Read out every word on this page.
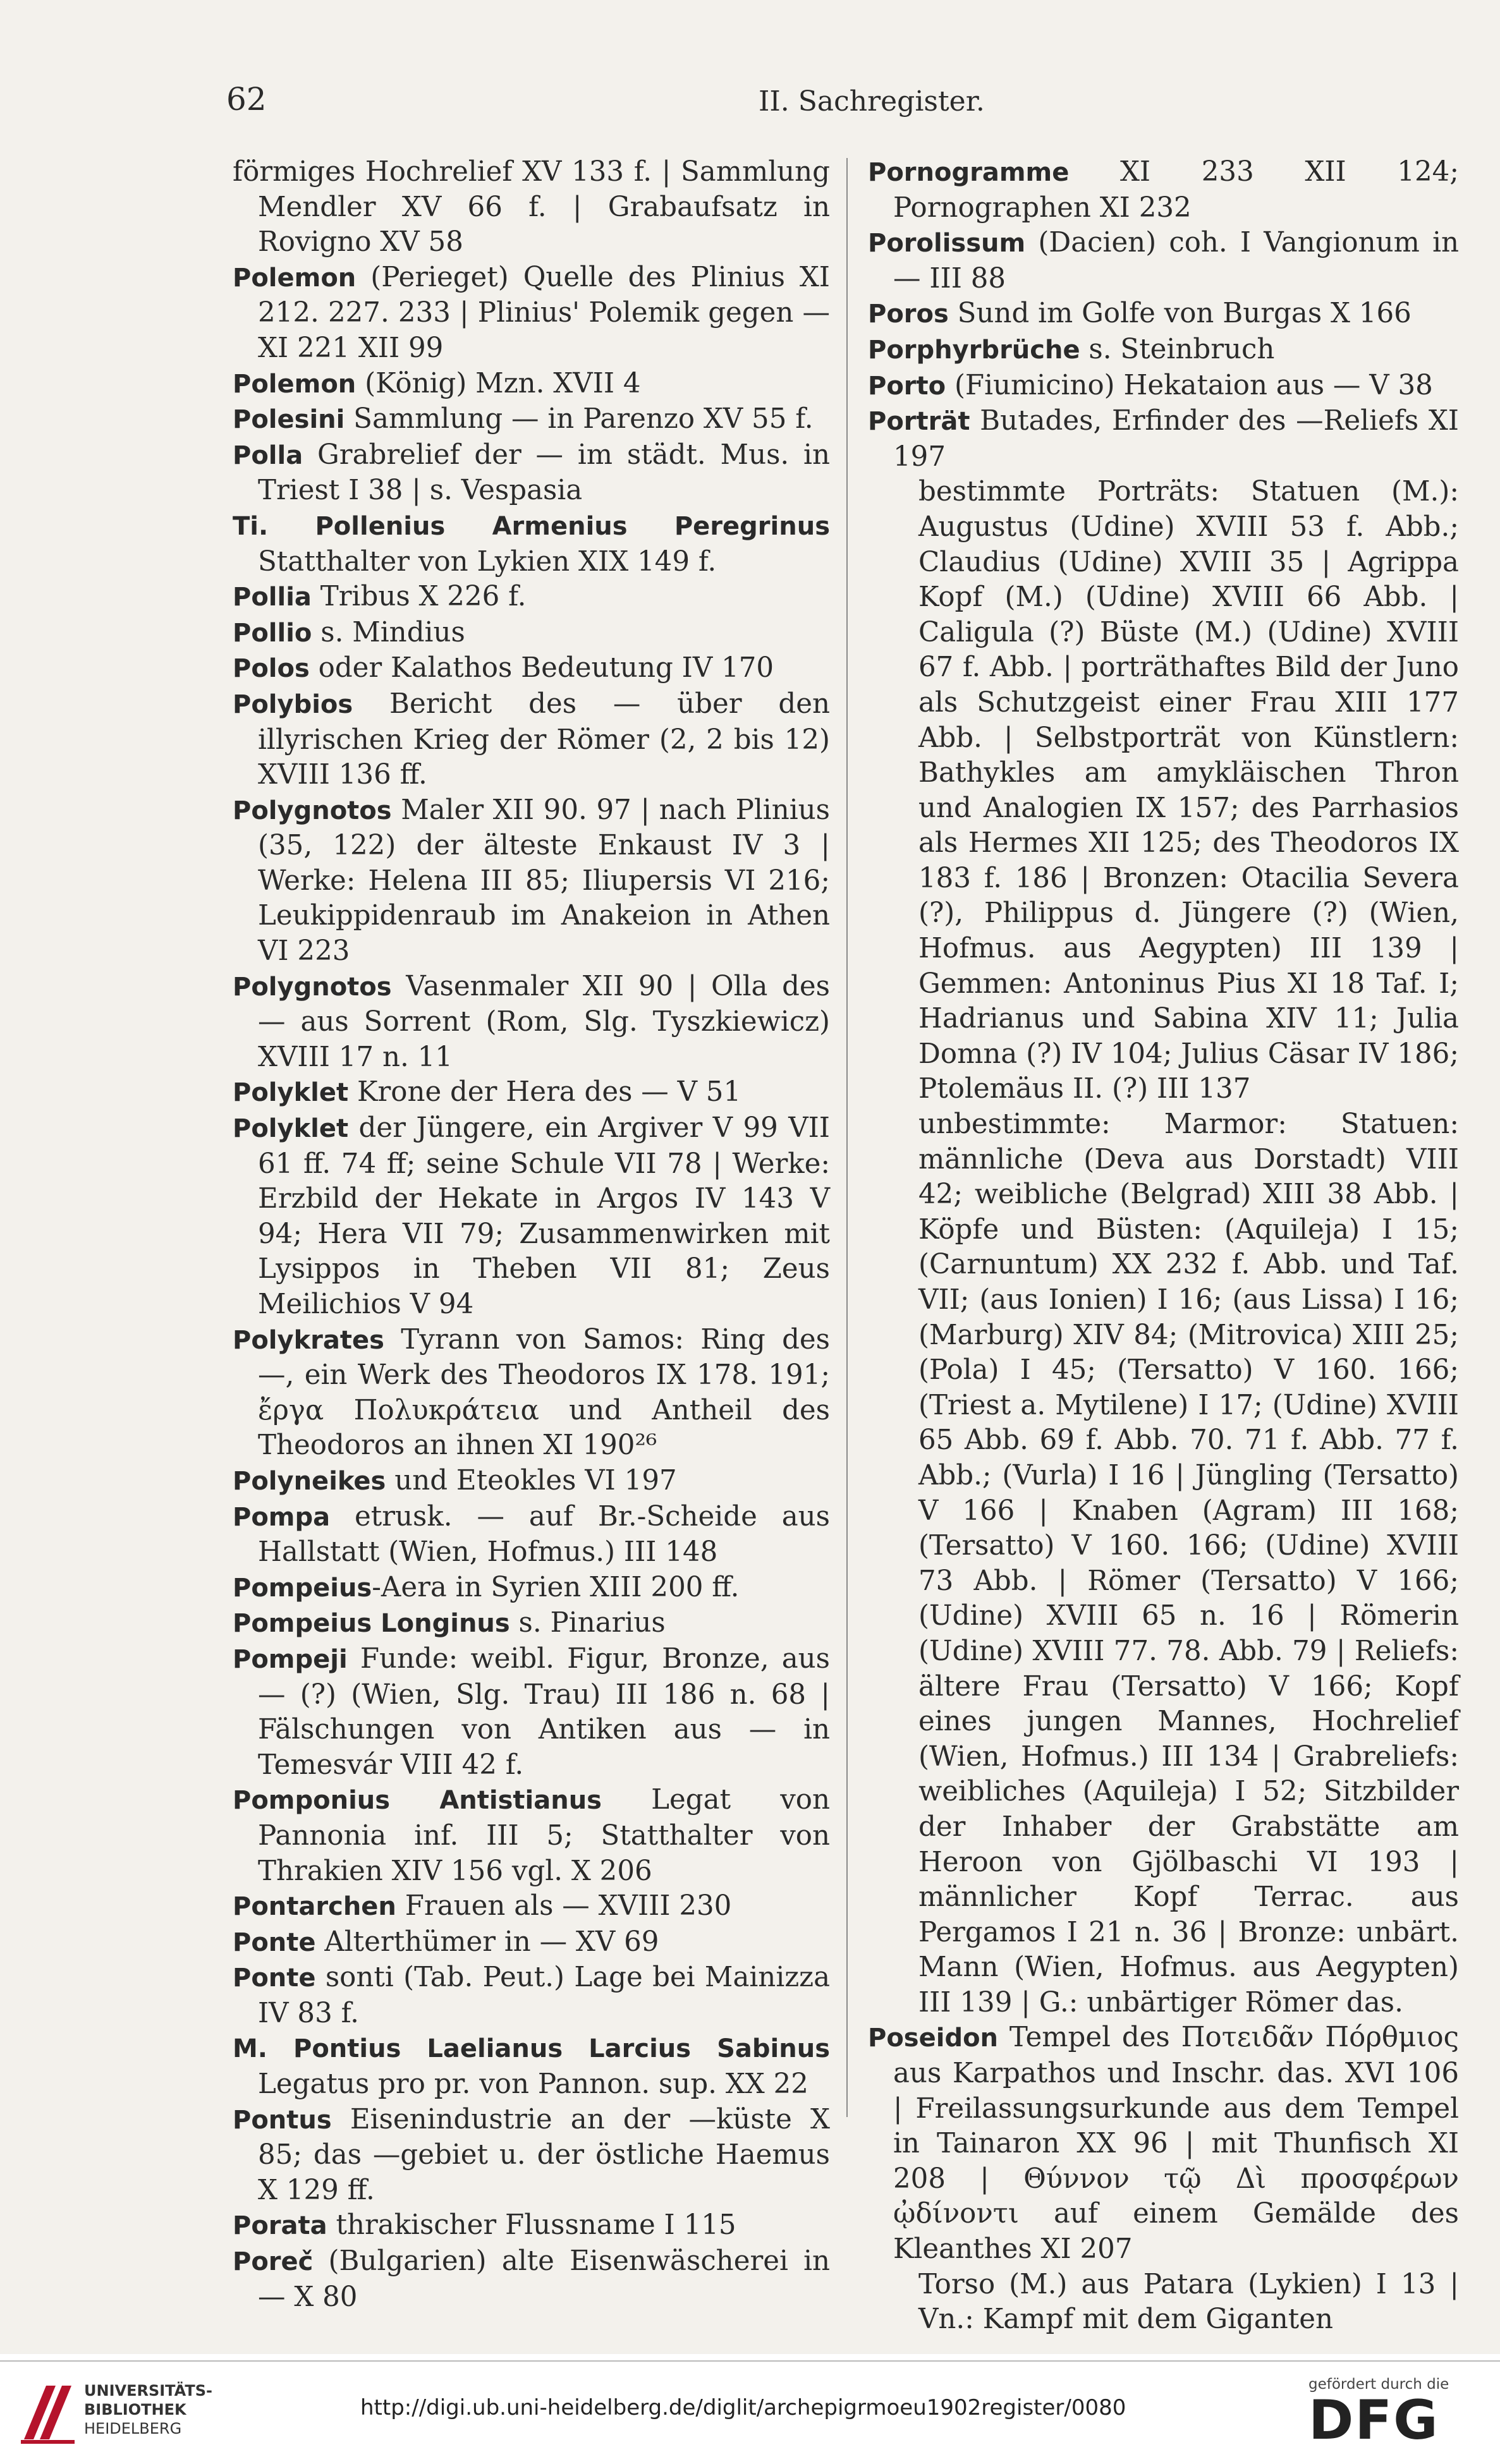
62	II. Sachregister.
förmiges Hochrelief XV 133 f. | Sammlung Mendler XV 66 f. | Grabaufsatz in Rovigno XV 58
Polemon (Perieget) Quelle des Plinius XI 212. 227. 233 | Plinius' Polemik gegen — XI 221 XII 99
Polemon (König) Mzn. XVII 4
Polesini Sammlung — in Parenzo XV 55 f.
Polla Grabrelief der — im städt. Mus. in Triest I 38 | s. Vespasia
Ti. Pollenius Armenius Peregrinus Statthalter von Lykien XIX 149 f.
Pollia Tribus X 226 f.
Pollio s. Mindius
Polos oder Kalathos Bedeutung IV 170
Polybios Bericht des — über den illyrischen Krieg der Römer (2, 2 bis 12) XVIII 136 ff.
Polygnotos Maler XII 90. 97 | nach Plinius (35, 122) der älteste Enkaust IV 3 | Werke: Helena III 85; Iliupersis VI 216; Leukippidenraub im Anakeion in Athen VI 223
Polygnotos Vasenmaler XII 90 | Olla des — aus Sorrent (Rom, Slg. Tyszkiewicz) XVIII 17 n. 11
Polyklet Krone der Hera des — V 51
Polyklet der Jüngere, ein Argiver V 99 VII 61 ff. 74 ff; seine Schule VII 78 | Werke: Erzbild der Hekate in Argos IV 143 V 94; Hera VII 79; Zusammenwirken mit Lysippos in Theben VII 81; Zeus Meilichios V 94
Polykrates Tyrann von Samos: Ring des —, ein Werk des Theodoros IX 178. 191; ἔργα Πολυκράτεια und Antheil des Theodoros an ihnen XI 190²⁶
Polyneikes und Eteokles VI 197
Pompa etrusk. — auf Br.-Scheide aus Hallstatt (Wien, Hofmus.) III 148
Pompeius-Aera in Syrien XIII 200 ff.
Pompeius Longinus s. Pinarius
Pompeji Funde: weibl. Figur, Bronze, aus — (?) (Wien, Slg. Trau) III 186 n. 68 | Fälschungen von Antiken aus — in Temesvár VIII 42 f.
Pomponius Antistianus Legat von Pannonia inf. III 5; Statthalter von Thrakien XIV 156 vgl. X 206
Pontarchen Frauen als — XVIII 230
Ponte Alterthümer in — XV 69
Ponte sonti (Tab. Peut.) Lage bei Mainizza IV 83 f.
M. Pontius Laelianus Larcius Sabinus Legatus pro pr. von Pannon. sup. XX 22
Pontus Eisenindustrie an der —küste X 85; das —gebiet u. der östliche Haemus X 129 ff.
Porata thrakischer Flussname I 115
Poreč (Bulgarien) alte Eisenwäscherei in — X 80
Pornogramme XI 233 XII 124; Pornographen XI 232
Porolissum (Dacien) coh. I Vangionum in — III 88
Poros Sund im Golfe von Burgas X 166
Porphyrbrüche s. Steinbruch
Porto (Fiumicino) Hekataion aus — V 38
Porträt Butades, Erfinder des —Reliefs XI 197
bestimmte Porträts: Statuen (M.): Augustus (Udine) XVIII 53 f. Abb.; Claudius (Udine) XVIII 35 | Agrippa Kopf (M.) (Udine) XVIII 66 Abb. | Caligula (?) Büste (M.) (Udine) XVIII 67 f. Abb. | porträthaftes Bild der Juno als Schutzgeist einer Frau XIII 177 Abb. | Selbstporträt von Künstlern: Bathykles am amykläischen Thron und Analogien IX 157; des Parrhasios als Hermes XII 125; des Theodoros IX 183 f. 186 | Bronzen: Otacilia Severa (?), Philippus d. Jüngere (?) (Wien, Hofmus. aus Aegypten) III 139 | Gemmen: Antoninus Pius XI 18 Taf. I; Hadrianus und Sabina XIV 11; Julia Domna (?) IV 104; Julius Cäsar IV 186; Ptolemäus II. (?) III 137
unbestimmte: Marmor: Statuen: männliche (Deva aus Dorstadt) VIII 42; weibliche (Belgrad) XIII 38 Abb. | Köpfe und Büsten: (Aquileja) I 15; (Carnuntum) XX 232 f. Abb. und Taf. VII; (aus Ionien) I 16; (aus Lissa) I 16; (Marburg) XIV 84; (Mitrovica) XIII 25; (Pola) I 45; (Tersatto) V 160. 166; (Triest a. Mytilene) I 17; (Udine) XVIII 65 Abb. 69 f. Abb. 70. 71 f. Abb. 77 f. Abb.; (Vurla) I 16 | Jüngling (Tersatto) V 166 | Knaben (Agram) III 168; (Tersatto) V 160. 166; (Udine) XVIII 73 Abb. | Römer (Tersatto) V 166; (Udine) XVIII 65 n. 16 | Römerin (Udine) XVIII 77. 78. Abb. 79 | Reliefs: ältere Frau (Tersatto) V 166; Kopf eines jungen Mannes, Hochrelief (Wien, Hofmus.) III 134 | Grabreliefs: weibliches (Aquileja) I 52; Sitzbilder der Inhaber der Grabstätte am Heroon von Gjölbaschi VI 193 | männlicher Kopf Terrac. aus Pergamos I 21 n. 36 | Bronze: unbärt. Mann (Wien, Hofmus. aus Aegypten) III 139 | G.: unbärtiger Römer das.
Poseidon Tempel des Ποτειδᾶν Πόρθμιος aus Karpathos und Inschr. das. XVI 106 | Freilassungsurkunde aus dem Tempel in Tainaron XX 96 | mit Thunfisch XI 208 | Θύννον τῷ Δὶ προσφέρων ᾠδίνοντι auf einem Gemälde des Kleanthes XI 207
Torso (M.) aus Patara (Lykien) I 13 | Vn.: Kampf mit dem Giganten
UNIVERSITÄTS-
BIBLIOTHEK
HEIDELBERG
http://digi.ub.uni-heidelberg.de/diglit/archepigrmoeu1902register/0080
gefördert durch die
DFG
